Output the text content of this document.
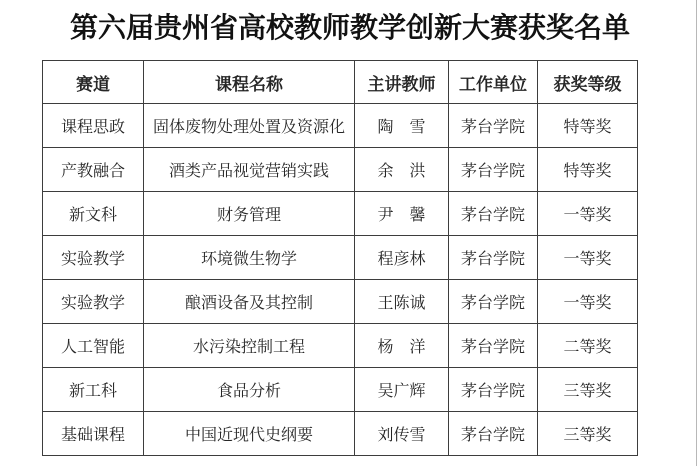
第六届贵州省高校教师教学创新大赛获奖名单
赛道	课程名称	主讲教师	工作单位	获奖等级
课程思政	固体废物处理处置及资源化	陶　雪	茅台学院	特等奖
产教融合	酒类产品视觉营销实践	余　洪	茅台学院	特等奖
新文科	财务管理	尹　馨	茅台学院	一等奖
实验教学	环境微生物学	程彦林	茅台学院	一等奖
实验教学	酿酒设备及其控制	王陈诚	茅台学院	一等奖
人工智能	水污染控制工程	杨　洋	茅台学院	二等奖
新工科	食品分析	吴广辉	茅台学院	三等奖
基础课程	中国近现代史纲要	刘传雪	茅台学院	三等奖
